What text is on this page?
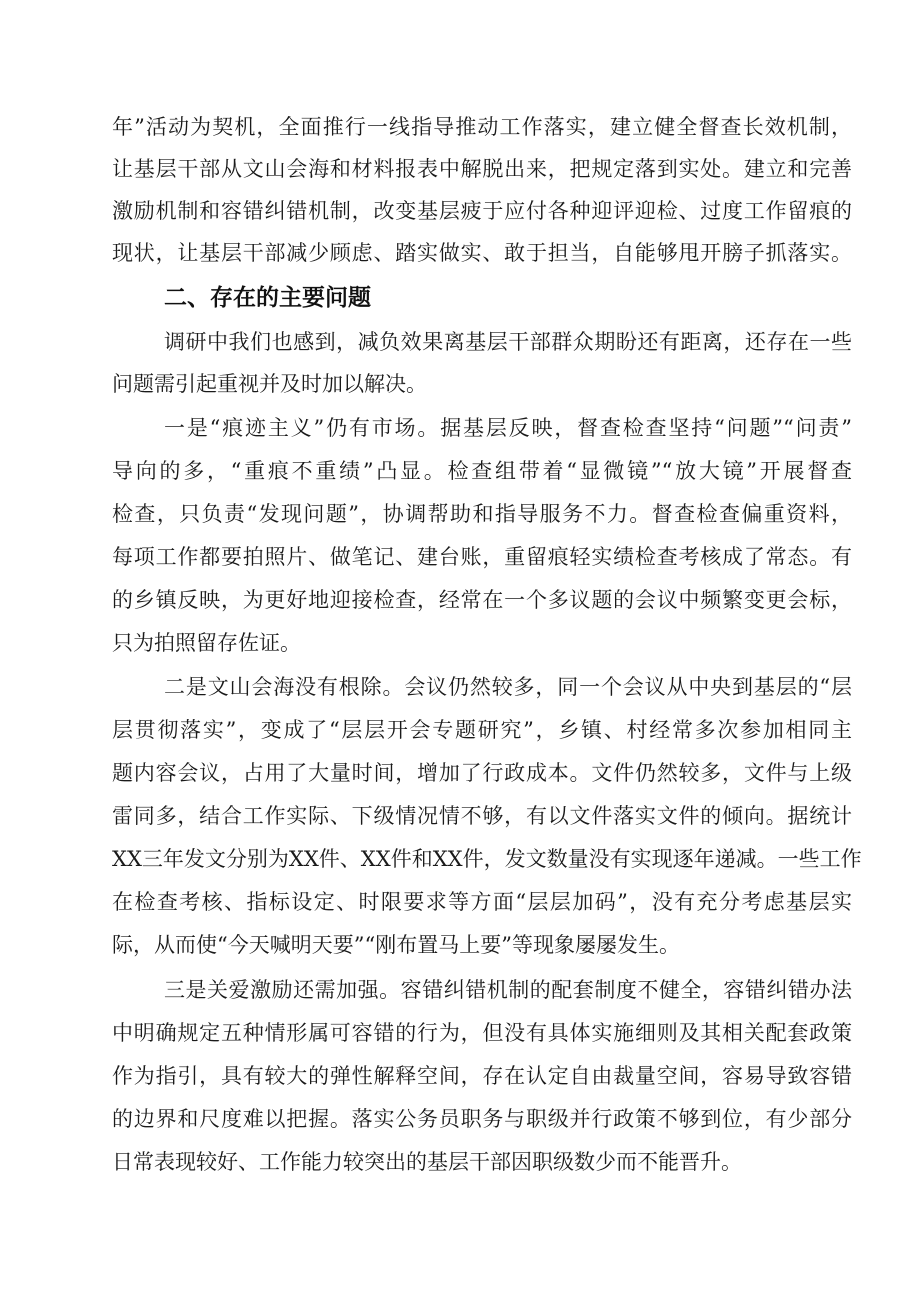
年”活动为契机，全面推行一线指导推动工作落实，建立健全督查长效机制，
让基层干部从文山会海和材料报表中解脱出来，把规定落到实处。建立和完善
激励机制和容错纠错机制，改变基层疲于应付各种迎评迎检、过度工作留痕的
现状，让基层干部减少顾虑、踏实做实、敢于担当，自能够甩开膀子抓落实。
二、存在的主要问题
调研中我们也感到，减负效果离基层干部群众期盼还有距离，还存在一些
问题需引起重视并及时加以解决。
一是“痕迹主义”仍有市场。据基层反映，督查检查坚持“问题”“问责”
导向的多，“重痕不重绩”凸显。检查组带着“显微镜”“放大镜”开展督查
检查，只负责“发现问题”，协调帮助和指导服务不力。督查检查偏重资料，
每项工作都要拍照片、做笔记、建台账，重留痕轻实绩检查考核成了常态。有
的乡镇反映，为更好地迎接检查，经常在一个多议题的会议中频繁变更会标，
只为拍照留存佐证。
二是文山会海没有根除。会议仍然较多，同一个会议从中央到基层的“层
层贯彻落实”，变成了“层层开会专题研究”，乡镇、村经常多次参加相同主
题内容会议，占用了大量时间，增加了行政成本。文件仍然较多，文件与上级
雷同多，结合工作实际、下级情况情不够，有以文件落实文件的倾向。据统计
XX三年发文分别为XX件、XX件和XX件，发文数量没有实现逐年递减。一些工作
在检查考核、指标设定、时限要求等方面“层层加码”，没有充分考虑基层实
际，从而使“今天喊明天要”“刚布置马上要”等现象屡屡发生。
三是关爱激励还需加强。容错纠错机制的配套制度不健全，容错纠错办法
中明确规定五种情形属可容错的行为，但没有具体实施细则及其相关配套政策
作为指引，具有较大的弹性解释空间，存在认定自由裁量空间，容易导致容错
的边界和尺度难以把握。落实公务员职务与职级并行政策不够到位，有少部分
日常表现较好、工作能力较突出的基层干部因职级数少而不能晋升。
